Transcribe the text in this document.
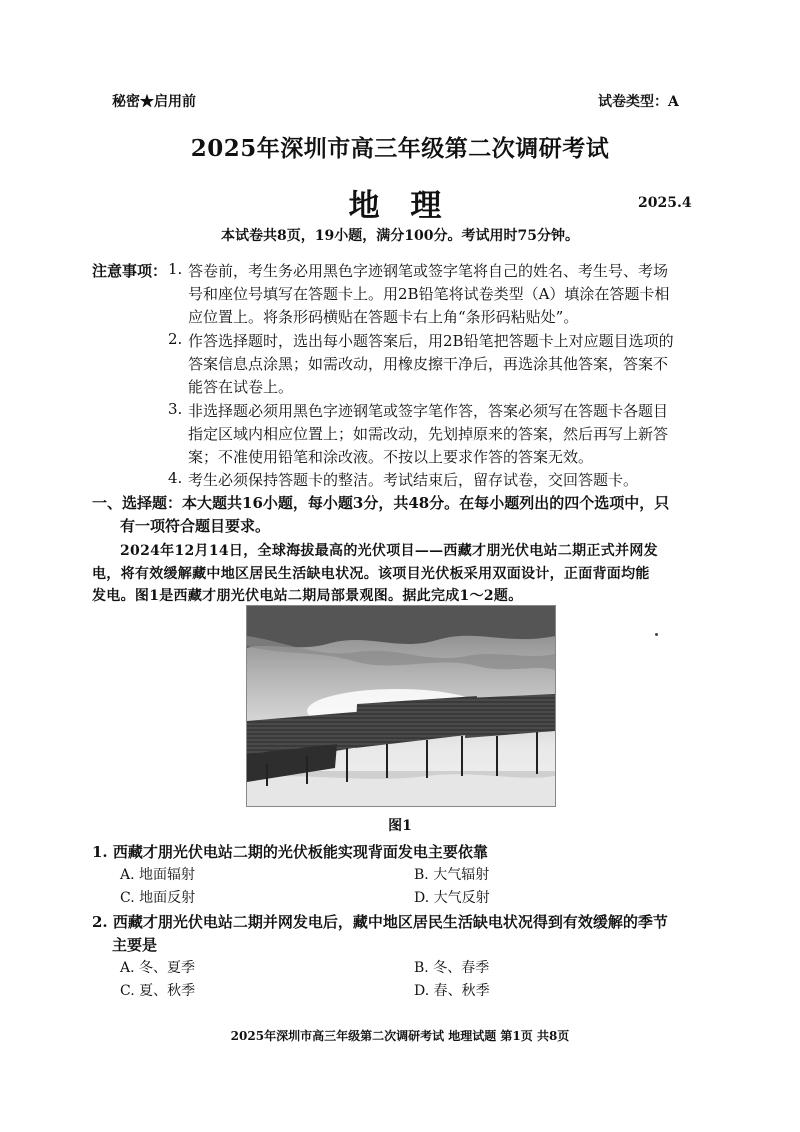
秘密★启用前	试卷类型：A
2025年深圳市高三年级第二次调研考试
地 理	2025.4
本试卷共8页，19小题，满分100分。考试用时75分钟。
注意事项： 1. 答卷前，考生务必用黑色字迹钢笔或签字笔将自己的姓名、考生号、考场
号和座位号填写在答题卡上。用2B铅笔将试卷类型（A）填涂在答题卡相
应位置上。将条形码横贴在答题卡右上角“条形码粘贴处”。
2. 作答选择题时，选出每小题答案后，用2B铅笔把答题卡上对应题目选项的
答案信息点涂黑；如需改动，用橡皮擦干净后，再选涂其他答案，答案不
能答在试卷上。
3. 非选择题必须用黑色字迹钢笔或签字笔作答，答案必须写在答题卡各题目
指定区域内相应位置上；如需改动，先划掉原来的答案，然后再写上新答
案；不准使用铅笔和涂改液。不按以上要求作答的答案无效。
4. 考生必须保持答题卡的整洁。考试结束后，留存试卷，交回答题卡。
一、选择题：本大题共16小题，每小题3分，共48分。在每小题列出的四个选项中，只
有一项符合题目要求。
2024年12月14日，全球海拔最高的光伏项目——西藏才朋光伏电站二期正式并网发
电，将有效缓解藏中地区居民生活缺电状况。该项目光伏板采用双面设计，正面背面均能
发电。图1是西藏才朋光伏电站二期局部景观图。据此完成1～2题。
图1
1. 西藏才朋光伏电站二期的光伏板能实现背面发电主要依靠
A. 地面辐射	B. 大气辐射
C. 地面反射	D. 大气反射
2. 西藏才朋光伏电站二期并网发电后，藏中地区居民生活缺电状况得到有效缓解的季节
主要是
A. 冬、夏季	B. 冬、春季
C. 夏、秋季	D. 春、秋季
2025年深圳市高三年级第二次调研考试 地理试题 第1页 共8页
